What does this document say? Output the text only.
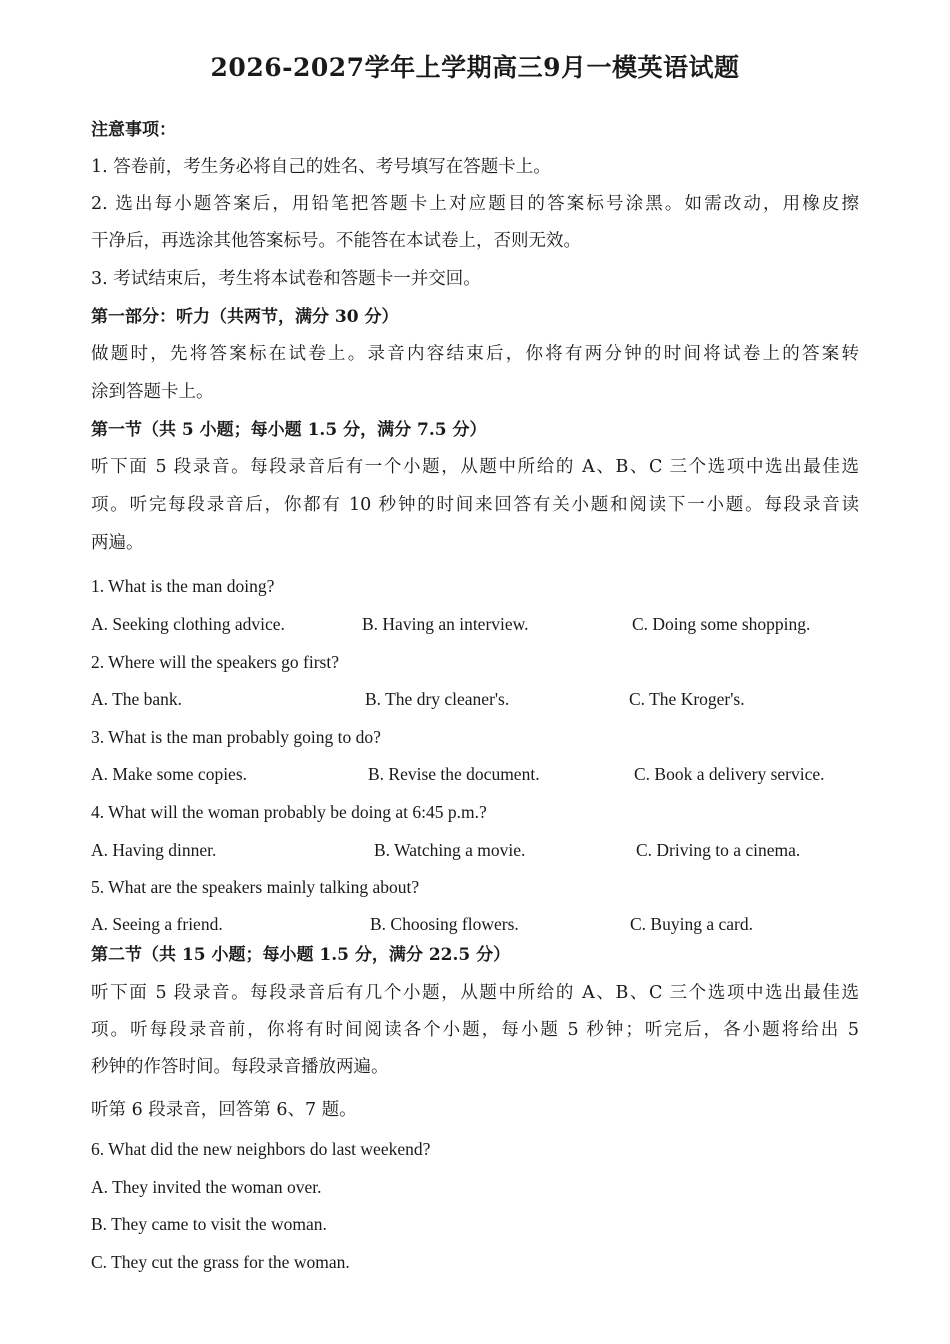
2026-2027学年上学期高三9月一模英语试题
注意事项：
1. 答卷前，考生务必将自己的姓名、考号填写在答题卡上。
2. 选出每小题答案后，用铅笔把答题卡上对应题目的答案标号涂黑。如需改动，用橡皮擦
干净后，再选涂其他答案标号。不能答在本试卷上，否则无效。
3. 考试结束后，考生将本试卷和答题卡一并交回。
第一部分：听力（共两节，满分 30 分）
做题时，先将答案标在试卷上。录音内容结束后，你将有两分钟的时间将试卷上的答案转
涂到答题卡上。
第一节（共 5 小题；每小题 1.5 分，满分 7.5 分）
听下面 5 段录音。每段录音后有一个小题，从题中所给的 A、B、C 三个选项中选出最佳选
项。听完每段录音后，你都有 10 秒钟的时间来回答有关小题和阅读下一小题。每段录音读
两遍。
1. What is the man doing?
A. Seeking clothing advice.	B. Having an interview.	C. Doing some shopping.
2. Where will the speakers go first?
A. The bank.	B. The dry cleaner's.	C. The Kroger's.
3. What is the man probably going to do?
A. Make some copies.	B. Revise the document.	C. Book a delivery service.
4. What will the woman probably be doing at 6:45 p.m.?
A. Having dinner.	B. Watching a movie.	C. Driving to a cinema.
5. What are the speakers mainly talking about?
A. Seeing a friend.	B. Choosing flowers.	C. Buying a card.
第二节（共 15 小题；每小题 1.5 分，满分 22.5 分）
听下面 5 段录音。每段录音后有几个小题，从题中所给的 A、B、C 三个选项中选出最佳选
项。听每段录音前，你将有时间阅读各个小题，每小题 5 秒钟；听完后，各小题将给出 5
秒钟的作答时间。每段录音播放两遍。
听第 6 段录音，回答第 6、7 题。
6. What did the new neighbors do last weekend?
A. They invited the woman over.
B. They came to visit the woman.
C. They cut the grass for the woman.
